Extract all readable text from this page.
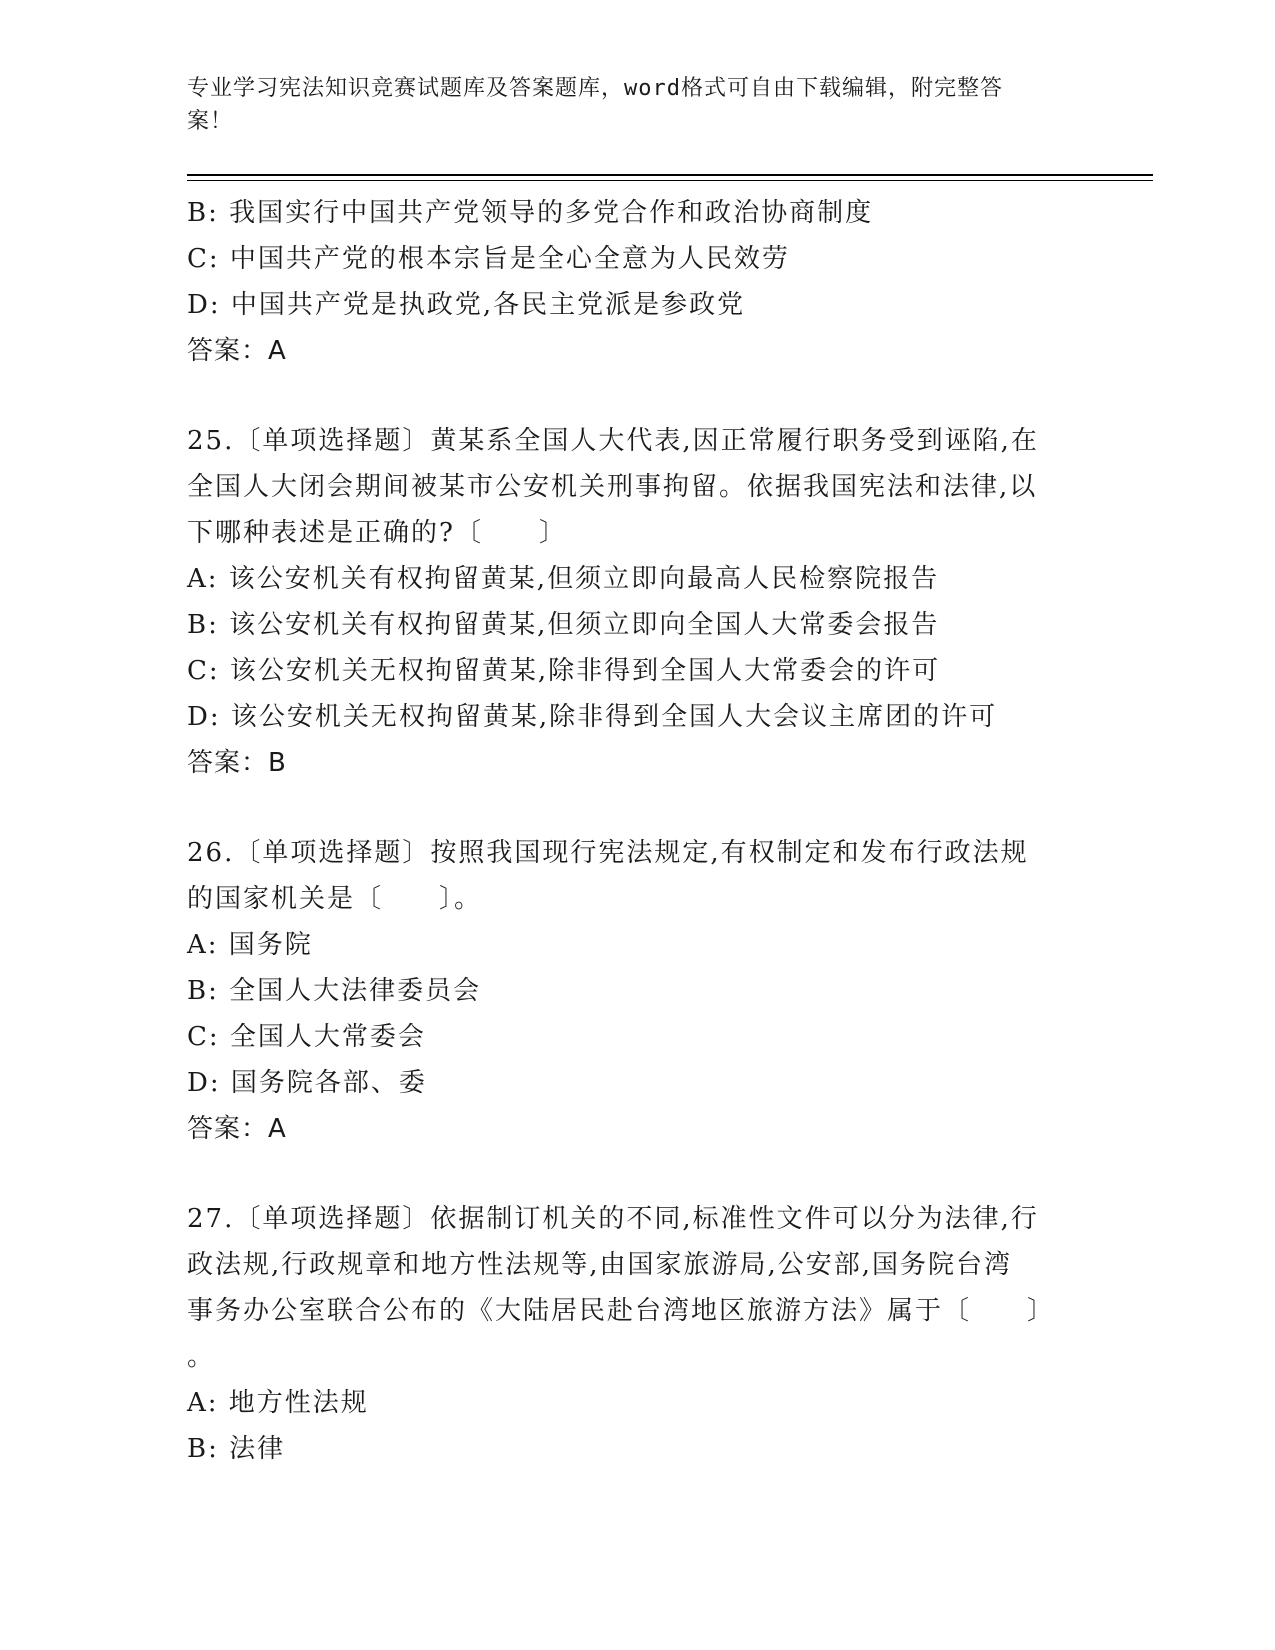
专业学习宪法知识竞赛试题库及答案题库，word格式可自由下载编辑，附完整答
案！
B: 我国实行中国共产党领导的多党合作和政治协商制度
C: 中国共产党的根本宗旨是全心全意为人民效劳
D: 中国共产党是执政党,各民主党派是参政党
答案：A
25.〔单项选择题〕黄某系全国人大代表,因正常履行职务受到诬陷,在
全国人大闭会期间被某市公安机关刑事拘留。依据我国宪法和法律,以
下哪种表述是正确的?〔　　〕
A: 该公安机关有权拘留黄某,但须立即向最高人民检察院报告
B: 该公安机关有权拘留黄某,但须立即向全国人大常委会报告
C: 该公安机关无权拘留黄某,除非得到全国人大常委会的许可
D: 该公安机关无权拘留黄某,除非得到全国人大会议主席团的许可
答案：B
26.〔单项选择题〕按照我国现行宪法规定,有权制定和发布行政法规
的国家机关是〔　　〕。
A: 国务院
B: 全国人大法律委员会
C: 全国人大常委会
D: 国务院各部、委
答案：A
27.〔单项选择题〕依据制订机关的不同,标准性文件可以分为法律,行
政法规,行政规章和地方性法规等,由国家旅游局,公安部,国务院台湾
事务办公室联合公布的《大陆居民赴台湾地区旅游方法》属于〔　　〕
。
A: 地方性法规
B: 法律
